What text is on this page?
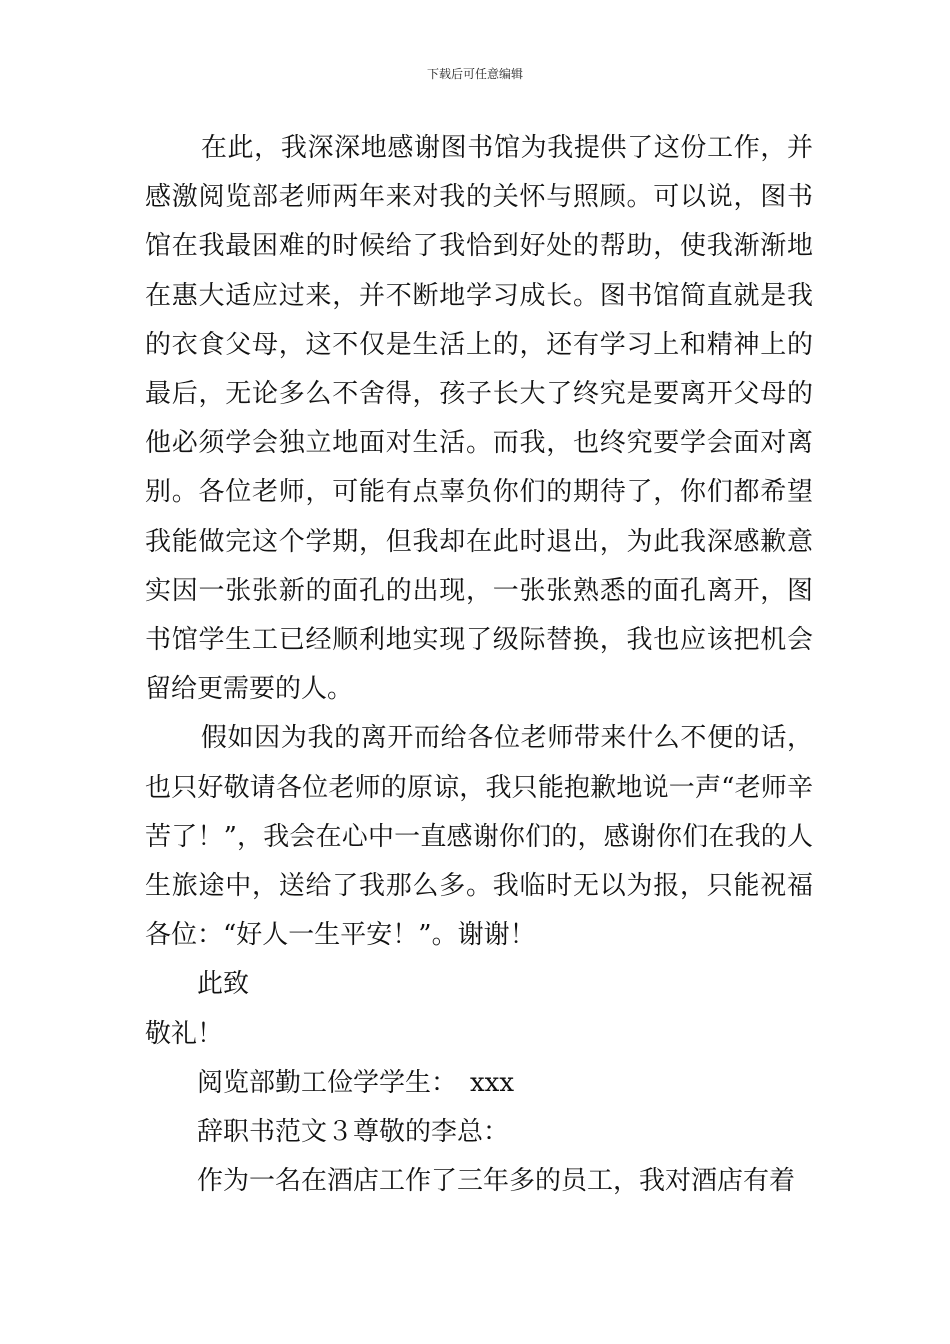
下载后可任意编辑

在此，我深深地感谢图书馆为我提供了这份工作，并感激阅览部老师两年来对我的关怀与照顾。可以说，图书馆在我最困难的时候给了我恰到好处的帮助，使我渐渐地在惠大适应过来，并不断地学习成长。图书馆简直就是我的衣食父母，这不仅是生活上的，还有学习上和精神上的最后，无论多么不舍得，孩子长大了终究是要离开父母的他必须学会独立地面对生活。而我，也终究要学会面对离别。各位老师，可能有点辜负你们的期待了，你们都希望我能做完这个学期，但我却在此时退出，为此我深感歉意实因一张张新的面孔的出现，一张张熟悉的面孔离开，图书馆学生工已经顺利地实现了级际替换，我也应该把机会留给更需要的人。

假如因为我的离开而给各位老师带来什么不便的话，也只好敬请各位老师的原谅，我只能抱歉地说一声“老师辛苦了！”，我会在心中一直感谢你们的，感谢你们在我的人生旅途中，送给了我那么多。我临时无以为报，只能祝福各位：“好人一生平安！”。谢谢！

此致

敬礼！

阅览部勤工俭学学生：　xxx

辞职书范文３尊敬的李总：

作为一名在酒店工作了三年多的员工，我对酒店有着
